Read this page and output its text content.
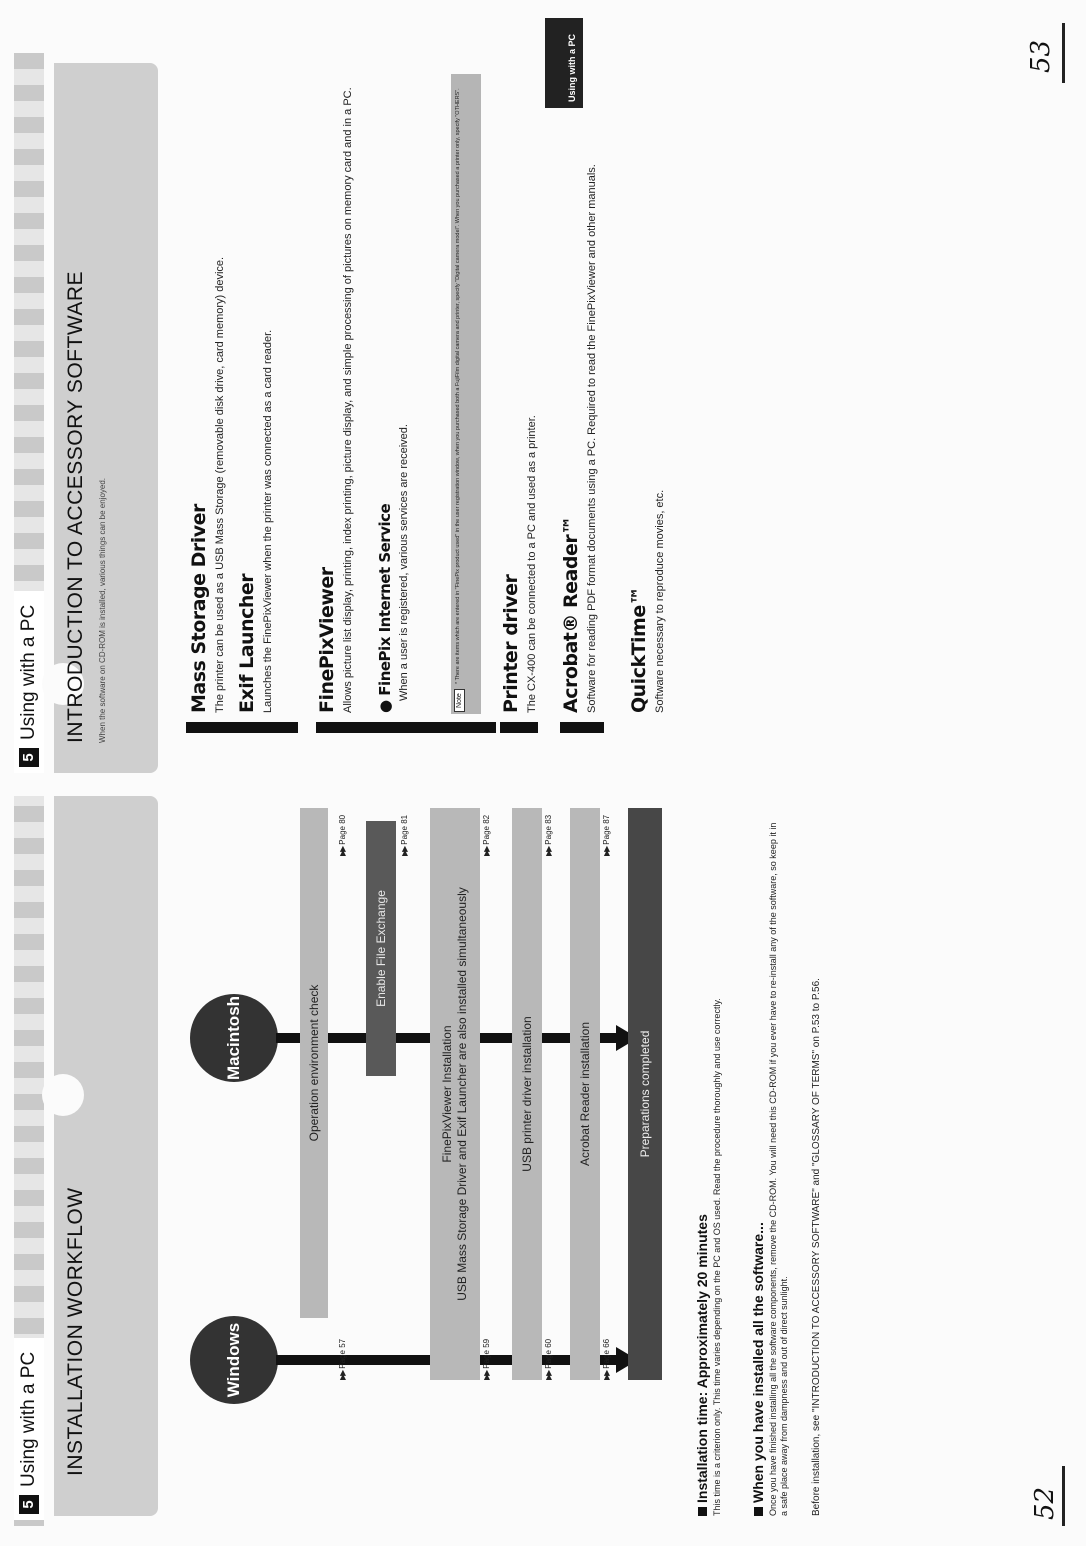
5
Using with a PC INSTALLATION WORKFLOW	Windows
Macintosh	Operation environment check
Enable File Exchange
FinePixViewer Installation USB Mass Storage Driver and Exif Launcher are also installed simultaneously	USB printer driver installation	Acrobat Reader installation	Preparations completed
▶▶Page 57
▶▶Page 59
▶▶Page 60
▶▶Page 66
▶▶Page 80
▶▶Page 81
▶▶Page 82
▶▶Page 83
▶▶Page 87
Installation time: Approximately 20 minutes This time is a criterion only. This time varies depending on the PC and OS used. Read the procedure thoroughly and use correctly. When you have installed all the software... Once you have finished installing all the software components, remove the CD-ROM. You will need this CD-ROM if you ever have to re-install any of the software, so keep it in a safe place away from dampness and out of direct sunlight. Before installation, see "INTRODUCTION TO ACCESSORY SOFTWARE" and "GLOSSARY OF TERMS" on P.53 to P.56.	52
5
Using with a PC INTRODUCTION TO ACCESSORY SOFTWARE When the software on CD-ROM is installed, various things can be enjoyed.
Using with a PC
Mass Storage Driver The printer can be used as a USB Mass Storage (removable disk drive, card memory) device. Exif Launcher Launches the FinePixViewer when the printer was connected as a card reader. FinePixViewer Allows picture list display, printing, index printing, picture display, and simple processing of pictures on memory card and in a PC. ● FinePix Internet Service When a user is registered, various services are received.	Note
* There are items which are entered in "FinePix product used" in the user registration window, when you purchased both a FujiFilm digital camera and printer, specify "Digital camera model". When you purchased a printer only, specify "OTHERS". Printer driver The CX-400 can be connected to a PC and used as a printer. Acrobat® Reader™ Software for reading PDF format documents using a PC. Required to read the FinePixViewer and other manuals. QuickTime™ Software necessary to reproduce movies, etc.
53
